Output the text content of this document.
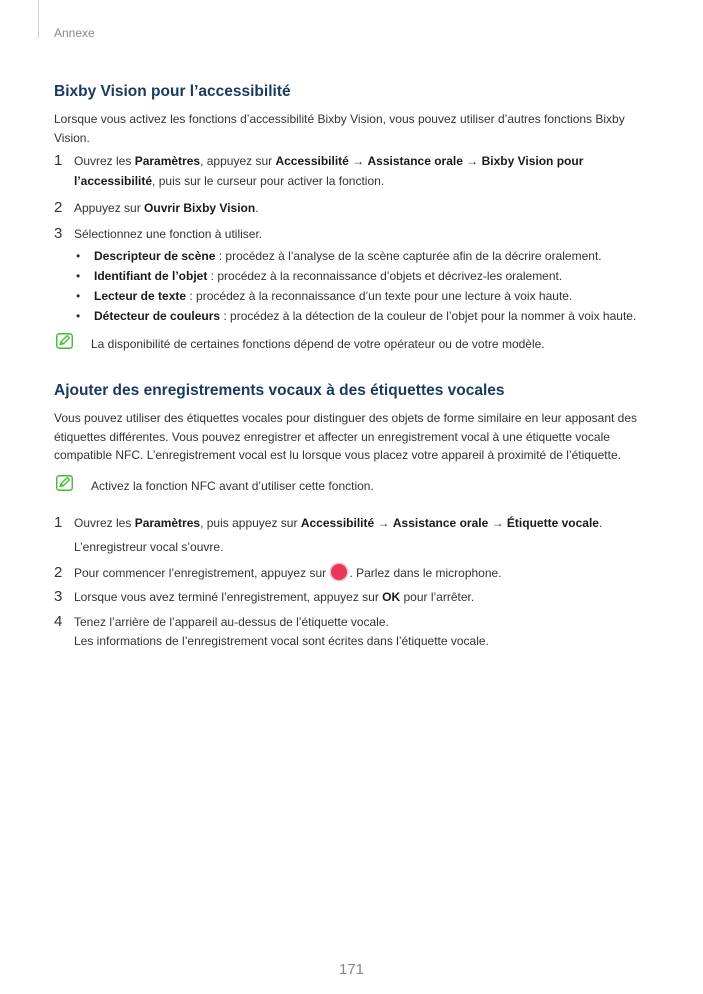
Annexe
Bixby Vision pour l’accessibilité

Lorsque vous activez les fonctions d’accessibilité Bixby Vision, vous pouvez utiliser d’autres fonctions Bixby Vision.

1 Ouvrez les Paramètres, appuyez sur Accessibilité → Assistance orale → Bixby Vision pour l’accessibilité, puis sur le curseur pour activer la fonction.
2 Appuyez sur Ouvrir Bixby Vision.
3 Sélectionnez une fonction à utiliser.
• Descripteur de scène : procédez à l’analyse de la scène capturée afin de la décrire oralement.
• Identifiant de l’objet : procédez à la reconnaissance d’objets et décrivez-les oralement.
• Lecteur de texte : procédez à la reconnaissance d’un texte pour une lecture à voix haute.
• Détecteur de couleurs : procédez à la détection de la couleur de l’objet pour la nommer à voix haute.
La disponibilité de certaines fonctions dépend de votre opérateur ou de votre modèle.
Ajouter des enregistrements vocaux à des étiquettes vocales

Vous pouvez utiliser des étiquettes vocales pour distinguer des objets de forme similaire en leur apposant des étiquettes différentes. Vous pouvez enregistrer et affecter un enregistrement vocal à une étiquette vocale compatible NFC. L’enregistrement vocal est lu lorsque vous placez votre appareil à proximité de l’étiquette.

Activez la fonction NFC avant d’utiliser cette fonction.
1 Ouvrez les Paramètres, puis appuyez sur Accessibilité → Assistance orale → Étiquette vocale.
L’enregistreur vocal s’ouvre.
2 Pour commencer l’enregistrement, appuyez sur . Parlez dans le microphone.
3 Lorsque vous avez terminé l’enregistrement, appuyez sur OK pour l’arrêter.
4 Tenez l’arrière de l’appareil au-dessus de l’étiquette vocale.
Les informations de l’enregistrement vocal sont écrites dans l’étiquette vocale.
171
